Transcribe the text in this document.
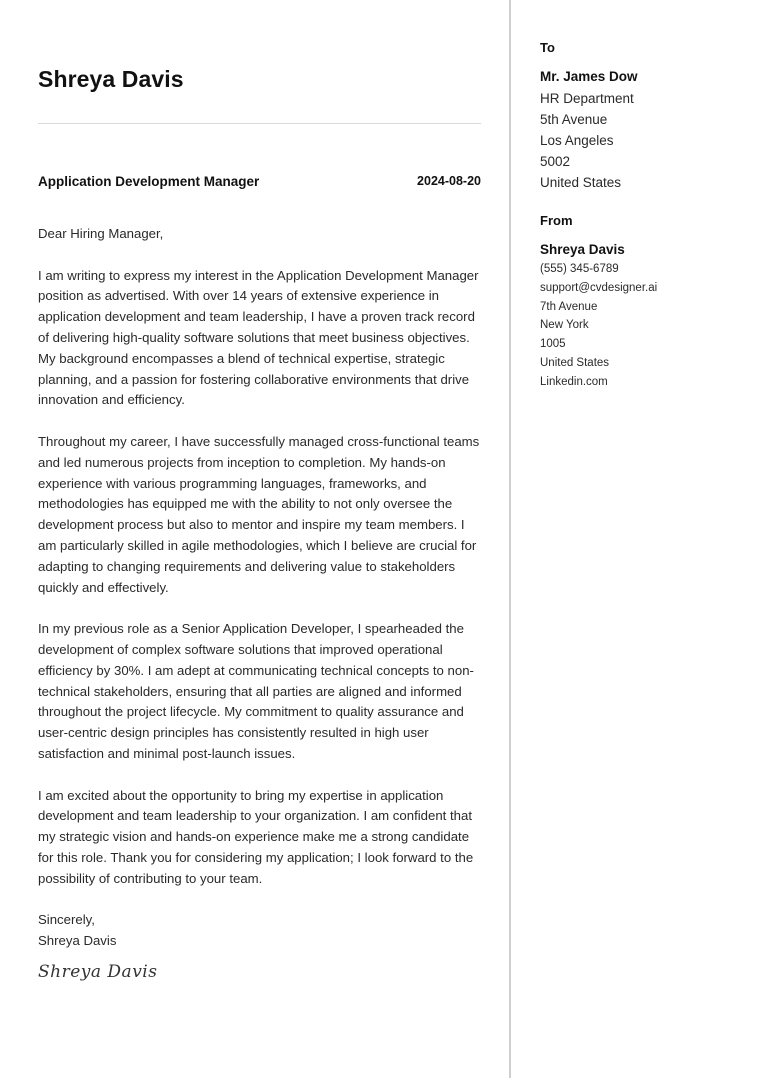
Shreya Davis
Application Development Manager	2024-08-20

Dear Hiring Manager,

I am writing to express my interest in the Application Development Manager position as advertised. With over 14 years of extensive experience in application development and team leadership, I have a proven track record of delivering high-quality software solutions that meet business objectives. My background encompasses a blend of technical expertise, strategic planning, and a passion for fostering collaborative environments that drive innovation and efficiency.

Throughout my career, I have successfully managed cross-functional teams and led numerous projects from inception to completion. My hands-on experience with various programming languages, frameworks, and methodologies has equipped me with the ability to not only oversee the development process but also to mentor and inspire my team members. I am particularly skilled in agile methodologies, which I believe are crucial for adapting to changing requirements and delivering value to stakeholders quickly and effectively.

In my previous role as a Senior Application Developer, I spearheaded the development of complex software solutions that improved operational efficiency by 30%. I am adept at communicating technical concepts to non-technical stakeholders, ensuring that all parties are aligned and informed throughout the project lifecycle. My commitment to quality assurance and user-centric design principles has consistently resulted in high user satisfaction and minimal post-launch issues.

I am excited about the opportunity to bring my expertise in application development and team leadership to your organization. I am confident that my strategic vision and hands-on experience make me a strong candidate for this role. Thank you for considering my application; I look forward to the possibility of contributing to your team.

Sincerely,
Shreya Davis

Shreya Davis
To
Mr. James Dow
HR Department
5th Avenue
Los Angeles
5002
United States
From
Shreya Davis
(555) 345-6789
support@cvdesigner.ai
7th Avenue
New York
1005
United States
Linkedin.com
